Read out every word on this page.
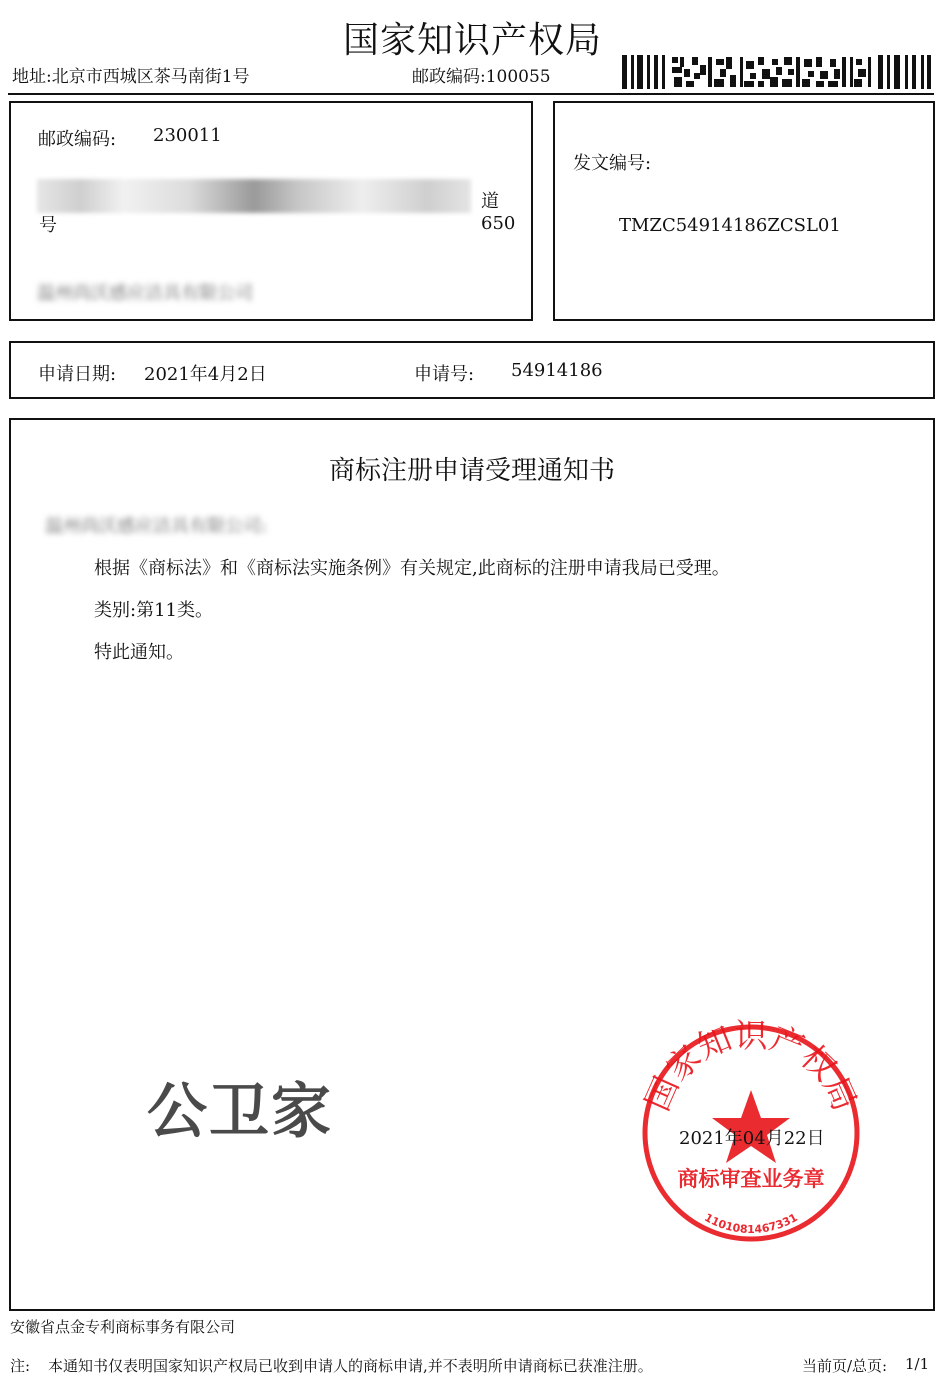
国家知识产权局
地址:北京市西城区茶马南街1号	邮政编码:100055
邮政编码: 230011
道650
号
温州尚沃感应洁具有限公司
发文编号:
TMZC54914186ZCSL01
申请日期: 2021年4月2日	申请号: 54914186
商标注册申请受理通知书
温州尚沃感应洁具有限公司:
根据《商标法》和《商标法实施条例》有关规定,此商标的注册申请我局已受理。
类别:第11类。
特此通知。
公卫家	国家知识产权局
商标审查业务章
1101081467331
2021年04月22日
安徽省点金专利商标事务有限公司
注: 本通知书仅表明国家知识产权局已收到申请人的商标申请,并不表明所申请商标已获准注册。	当前页/总页: 1/1
